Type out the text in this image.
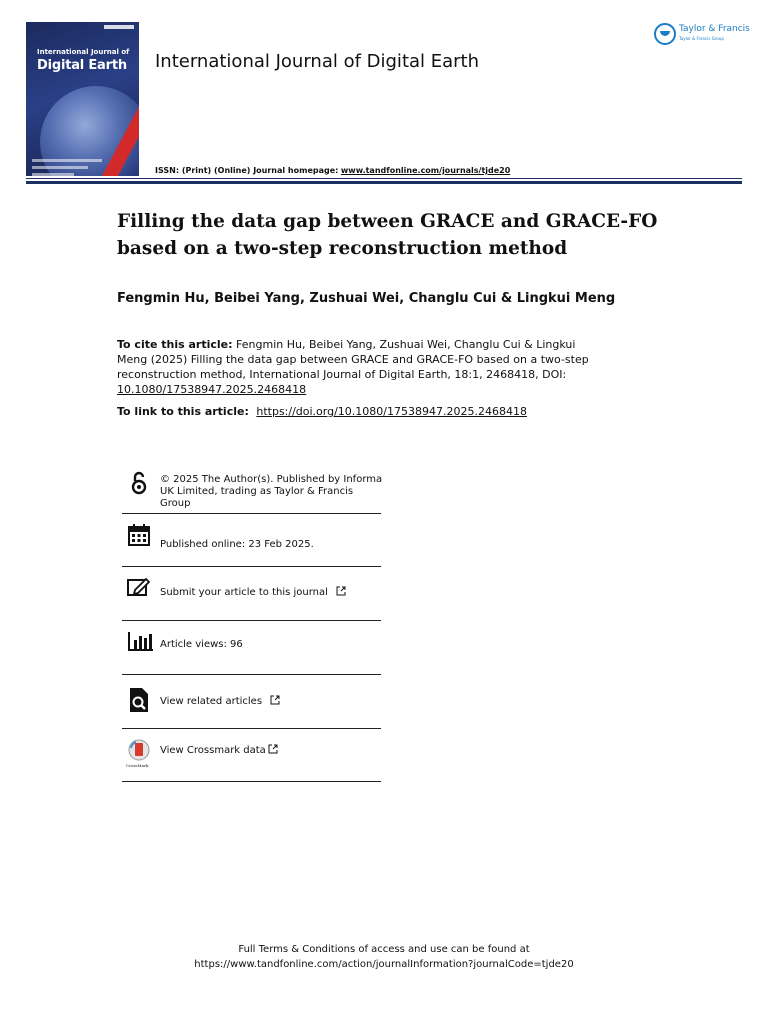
International Journal of
Digital Earth International Journal of Digital Earth
Taylor & Francis
Taylor & Francis Group
ISSN: (Print) (Online) Journal homepage: www.tandfonline.com/journals/tjde20
Filling the data gap between GRACE and GRACE-FO
based on a two-step reconstruction method
Fengmin Hu, Beibei Yang, Zushuai Wei, Changlu Cui & Lingkui Meng
To cite this article: Fengmin Hu, Beibei Yang, Zushuai Wei, Changlu Cui & Lingkui Meng (2025) Filling the data gap between GRACE and GRACE-FO based on a two-step reconstruction method, International Journal of Digital Earth, 18:1, 2468418, DOI: 10.1080/17538947.2025.2468418
To link to this article: https://doi.org/10.1080/17538947.2025.2468418
© 2025 The Author(s). Published by Informa UK Limited, trading as Taylor & Francis Group
Published online: 23 Feb 2025.
Submit your article to this journal
Article views: 96
View related articles
CrossMark
View Crossmark data
Full Terms & Conditions of access and use can be found at
https://www.tandfonline.com/action/journalInformation?journalCode=tjde20
